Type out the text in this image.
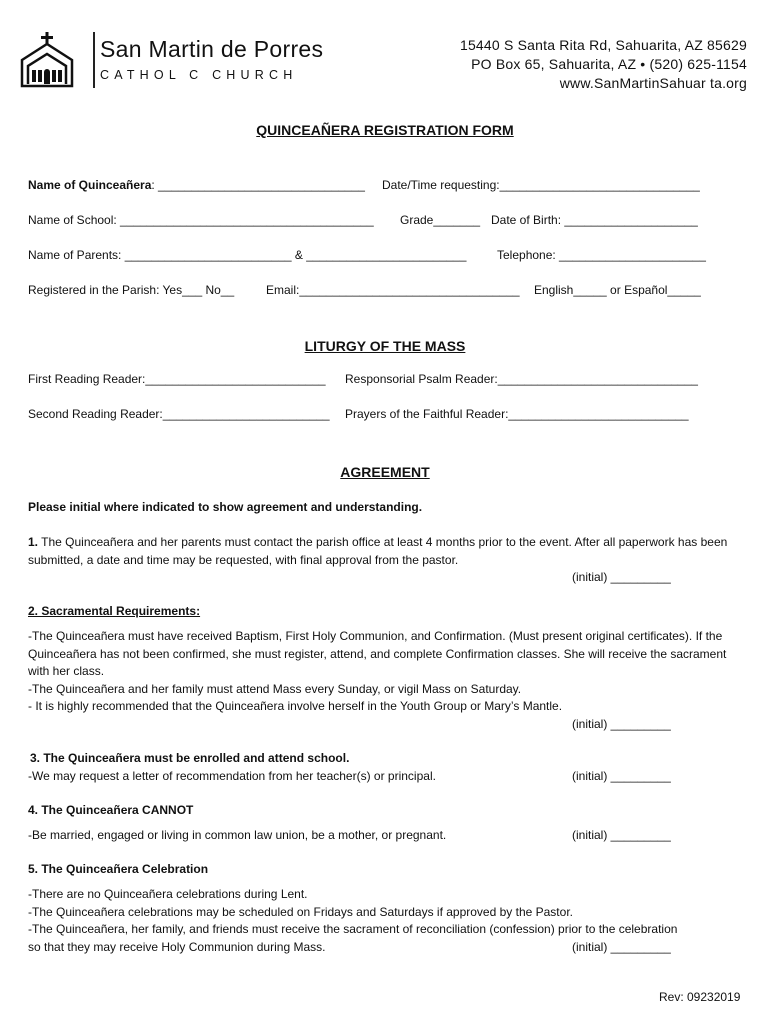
San Martin de Porres
CATHOL C CHURCH
15440 S Santa Rita Rd, Sahuarita, AZ 85629
PO Box 65, Sahuarita, AZ • (520) 625-1154
www.SanMartinSahuar ta.org
QUINCEAÑERA REGISTRATION FORM
Name of Quinceañera: _______________________________ Date/Time requesting:______________________________
Name of School: ______________________________________ Grade_______ Date of Birth: ____________________
Name of Parents: _________________________ & ________________________	Telephone: ______________________
Registered in the Parish: Yes___ No__	Email:_________________________________ English_____ or Español_____
LITURGY OF THE MASS
First Reading Reader:___________________________ Responsorial Psalm Reader:______________________________
Second Reading Reader:_________________________ Prayers of the Faithful Reader:___________________________
AGREEMENT
Please initial where indicated to show agreement and understanding.
1. The Quinceañera and her parents must contact the parish office at least 4 months prior to the event. After all paperwork has been submitted, a date and time may be requested, with final approval from the pastor.
(initial) _________
2. Sacramental Requirements:
-The Quinceañera must have received Baptism, First Holy Communion, and Confirmation. (Must present original certificates). If the Quinceañera has not been confirmed, she must register, attend, and complete Confirmation classes. She will receive the sacrament with her class.
-The Quinceañera and her family must attend Mass every Sunday, or vigil Mass on Saturday.
- It is highly recommended that the Quinceañera involve herself in the Youth Group or Mary’s Mantle.
(initial) _________
3. The Quinceañera must be enrolled and attend school.
-We may request a letter of recommendation from her teacher(s) or principal.	(initial) _________
4. The Quinceañera CANNOT
-Be married, engaged or living in common law union, be a mother, or pregnant.	(initial) _________
5. The Quinceañera Celebration
-There are no Quinceañera celebrations during Lent.
-The Quinceañera celebrations may be scheduled on Fridays and Saturdays if approved by the Pastor.
-The Quinceañera, her family, and friends must receive the sacrament of reconciliation (confession) prior to the celebration
so that they may receive Holy Communion during Mass.	(initial) _________
Rev: 09232019
